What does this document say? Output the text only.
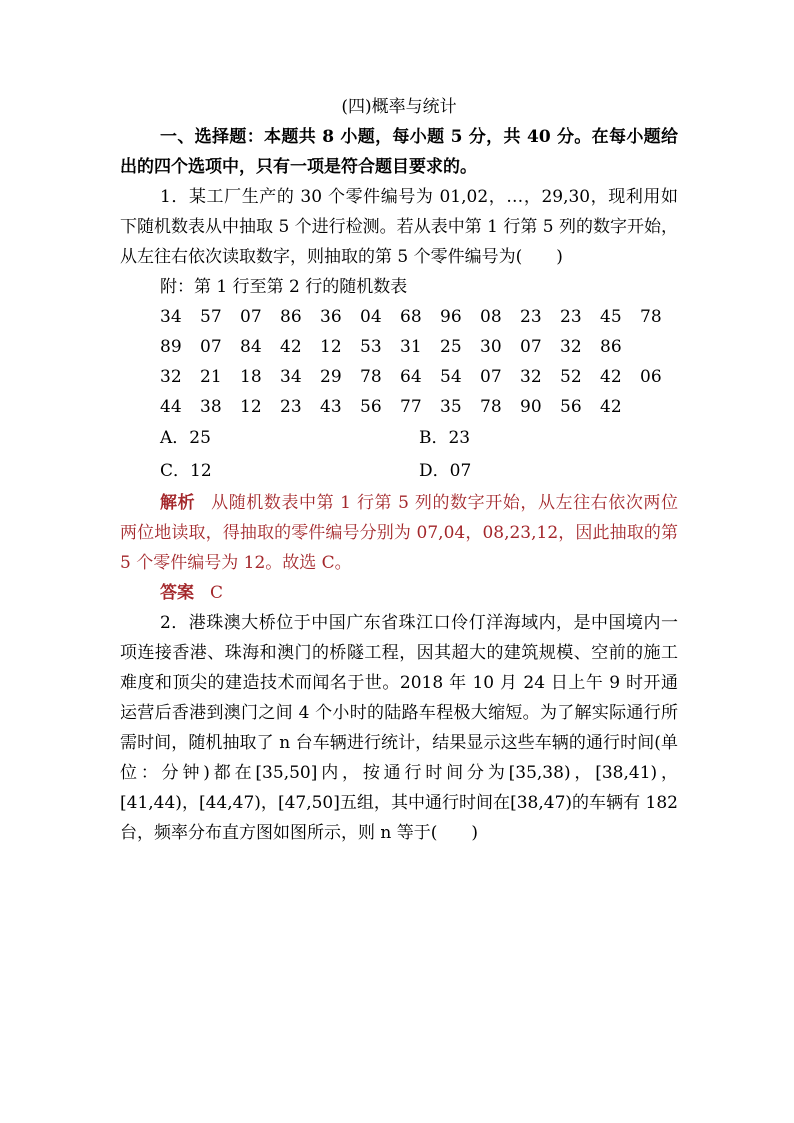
(四)概率与统计
一、选择题：本题共 8 小题，每小题 5 分，共 40 分。在每小题给出的四个选项中，只有一项是符合题目要求的。
1．某工厂生产的 30 个零件编号为 01,02，…，29,30，现利用如下随机数表从中抽取 5 个进行检测。若从表中第 1 行第 5 列的数字开始，从左往右依次读取数字，则抽取的第 5 个零件编号为(　　)
附：第 1 行至第 2 行的随机数表
34	57	07	86	36	04	68	96	08	23	23	45	78
89	07	84	42	12	53	31	25	30	07	32	86
32	21	18	34	29	78	64	54	07	32	52	42	06
44	38	12	23	43	56	77	35	78	90	56	42
A．25	B．23
C．12	D．07
解析 从随机数表中第 1 行第 5 列的数字开始，从左往右依次两位两位地读取，得抽取的零件编号分别为 07,04，08,23,12，因此抽取的第 5 个零件编号为 12。故选 C。
答案 C
2．港珠澳大桥位于中国广东省珠江口伶仃洋海域内，是中国境内一项连接香港、珠海和澳门的桥隧工程，因其超大的建筑规模、空前的施工难度和顶尖的建造技术而闻名于世。2018 年 10 月 24 日上午 9 时开通运营后香港到澳门之间 4 个小时的陆路车程极大缩短。为了解实际通行所需时间，随机抽取了 n 台车辆进行统计，结果显示这些车辆的通行时间(单位：分钟)都在[35,50]内，按通行时间分为[35,38)，[38,41)，[41,44)，[44,47)，[47,50]五组，其中通行时间在[38,47)的车辆有 182 台，频率分布直方图如图所示，则 n 等于(　　)
